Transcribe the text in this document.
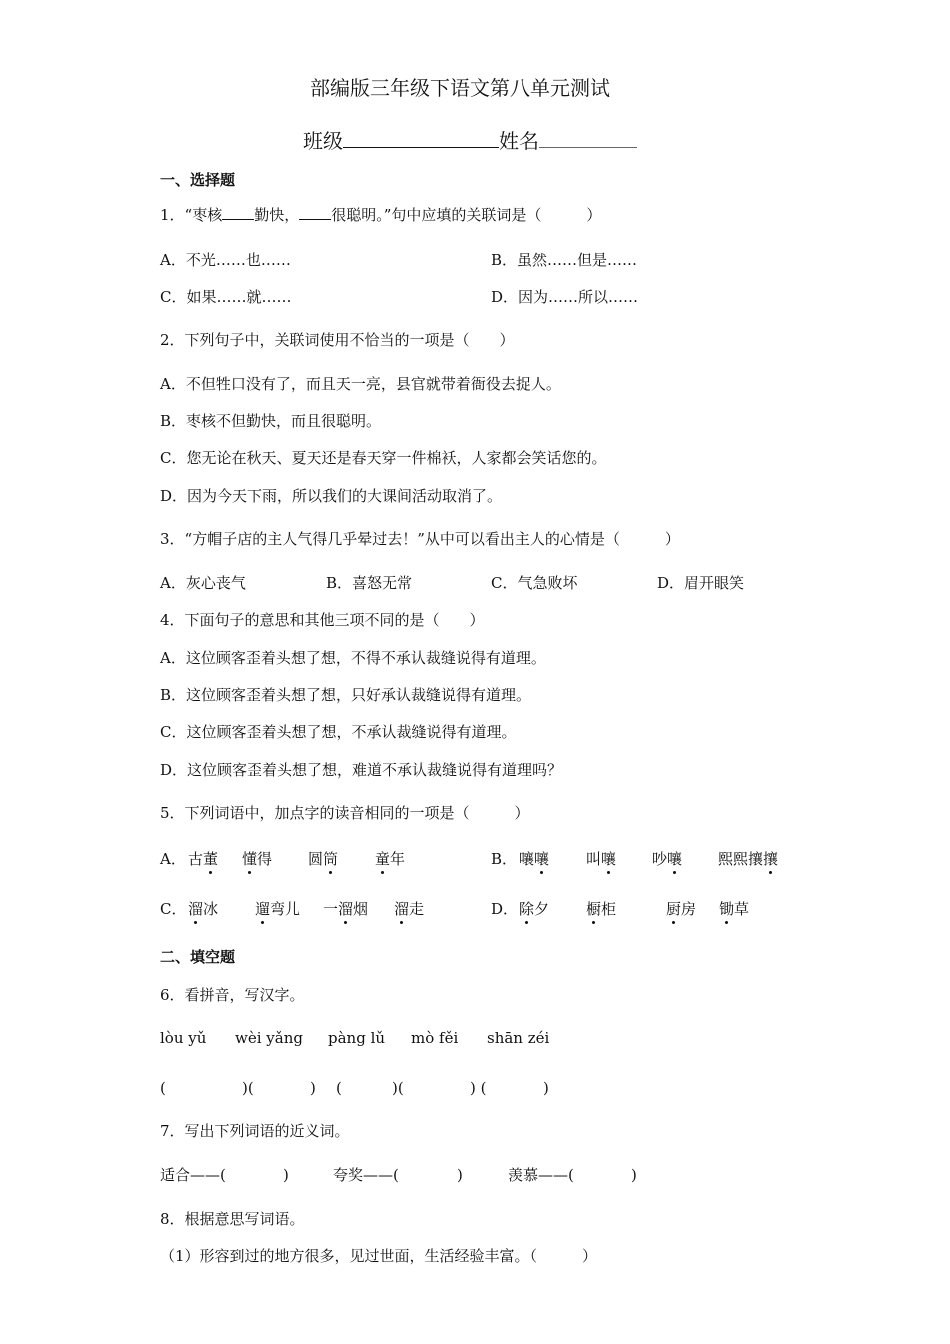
部编版三年级下语文第八单元测试
班级	姓名
一、选择题
1．“枣核 勤快， 很聪明。”句中应填的关联词是（　　　）
A．不光……也……	B．虽然……但是……
C．如果……就……	D．因为……所以……
2．下列句子中，关联词使用不恰当的一项是（　　）
A．不但牲口没有了，而且天一亮，县官就带着衙役去捉人。
B．枣核不但勤快，而且很聪明。
C．您无论在秋天、夏天还是春天穿一件棉袄，人家都会笑话您的。
D．因为今天下雨，所以我们的大课间活动取消了。
3．“方帽子店的主人气得几乎晕过去！”从中可以看出主人的心情是（　　　）
A．灰心丧气	B．喜怒无常	C．气急败坏	D．眉开眼笑
4．下面句子的意思和其他三项不同的是（　　）
A．这位顾客歪着头想了想，不得不承认裁缝说得有道理。
B．这位顾客歪着头想了想，只好承认裁缝说得有道理。
C．这位顾客歪着头想了想，不承认裁缝说得有道理。
D．这位顾客歪着头想了想，难道不承认裁缝说得有道理吗？
5．下列词语中，加点字的读音相同的一项是（　　　）
A． 古董 懂得 圆筒 童年	B． 嚷嚷 叫嚷 吵嚷 熙熙攘攘
C． 溜冰 遛弯儿 一溜烟 溜走	D． 除夕 橱柜	厨房 锄草
二、填空题
6．看拼音，写汉字。
lòu yǔ wèi yǎng pàng lǔ mò fěi shān zéi
(	)(	) (	)(	) (	)
7．写出下列词语的近义词。
适合——(	)	夸奖——(	)	羡慕——(	)
8．根据意思写词语。
（1）形容到过的地方很多，见过世面，生活经验丰富。（　　　）
